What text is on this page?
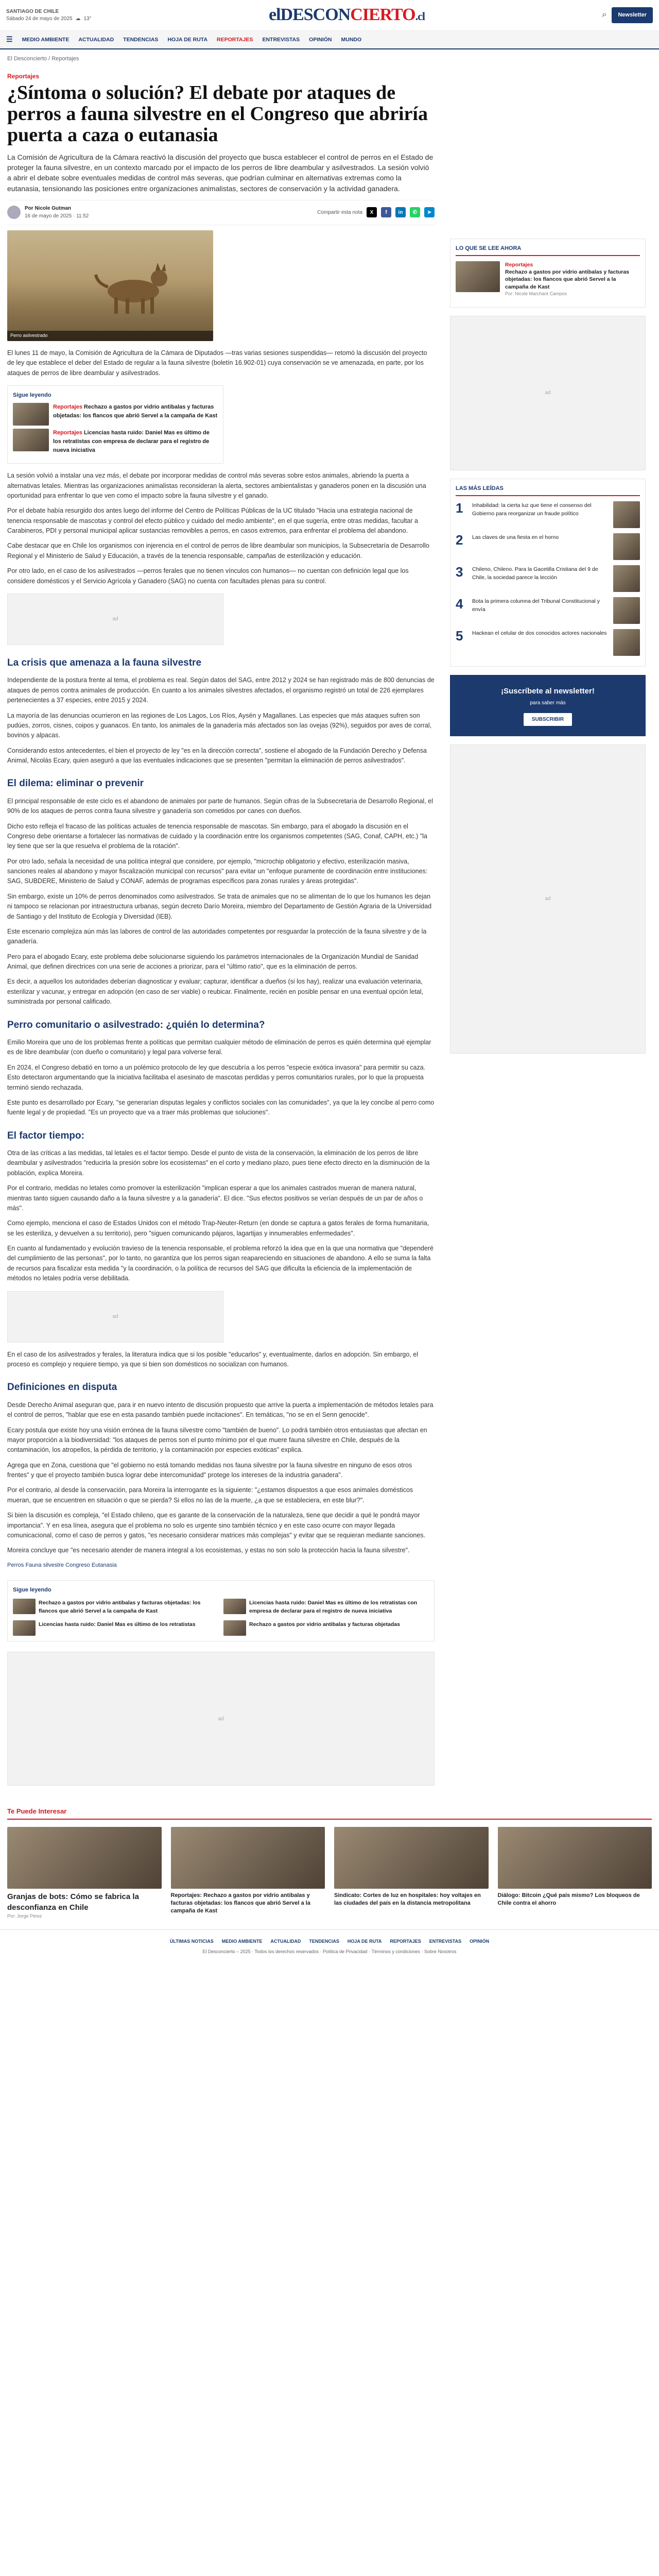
SANTIAGO DE CHILE
Sábado 24 de mayo de 2025 ☁ 13°	elDESCONCIERTO.cl	⌕	Newsletter
☰ MEDIO AMBIENTE ACTUALIDAD TENDENCIAS HOJA DE RUTA REPORTAJES ENTREVISTAS OPINIÓN MUNDO
El Desconcierto / Reportajes
Reportajes
¿Síntoma o solución? El debate por ataques de perros a fauna silvestre en el Congreso que abriría puerta a caza o eutanasia

La Comisión de Agricultura de la Cámara reactivó la discusión del proyecto que busca establecer el control de perros en el Estado de proteger la fauna silvestre, en un contexto marcado por el impacto de los perros de libre deambular y asilvestrados. La sesión volvió a abrir el debate sobre eventuales medidas de control más severas, que podrían culminar en alternativas extremas como la eutanasia, tensionando las posiciones entre organizaciones animalistas, sectores de conservación y la actividad ganadera.

Por Nicole Gutman
16 de mayo de 2025 · 11:52
Compartir esta nota	X	f	in	✆	➤
Perro asilvestrado

El lunes 11 de mayo, la Comisión de Agricultura de la Cámara de Diputados —tras varias sesiones suspendidas— retomó la discusión del proyecto de ley que establece el deber del Estado de regular a la fauna silvestre (boletín 16.902-01) cuya conservación se ve amenazada, en parte, por los ataques de perros de libre deambular y asilvestrados.

Sigue leyendo
Reportajes Rechazo a gastos por vidrio antibalas y facturas objetadas: los flancos que abrió Servel a la campaña de Kast
Reportajes Licencias hasta ruido: Daniel Mas es último de los retratistas con empresa de declarar para el registro de nueva iniciativa

La sesión volvió a instalar una vez más, el debate por incorporar medidas de control más severas sobre estos animales, abriendo la puerta a alternativas letales. Mientras las organizaciones animalistas reconsideran la alerta, sectores ambientalistas y ganaderos ponen en la discusión una oportunidad para enfrentar lo que ven como el impacto sobre la fauna silvestre y el ganado.

Por el debate había resurgido dos antes luego del informe del Centro de Políticas Públicas de la UC titulado "Hacia una estrategia nacional de tenencia responsable de mascotas y control del efecto público y cuidado del medio ambiente", en el que sugería, entre otras medidas, facultar a Carabineros, PDI y personal municipal aplicar sustancias removibles a perros, en casos extremos, para enfrentar el problema del abandono.

Cabe destacar que en Chile los organismos con injerencia en el control de perros de libre deambular son municipios, la Subsecretaría de Desarrollo Regional y el Ministerio de Salud y Educación, a través de la tenencia responsable, campañas de esterilización y educación.

Por otro lado, en el caso de los asilvestrados —perros ferales que no tienen vínculos con humanos— no cuentan con definición legal que los considere domésticos y el Servicio Agrícola y Ganadero (SAG) no cuenta con facultades plenas para su control.

ad
La crisis que amenaza a la fauna silvestre

Independiente de la postura frente al tema, el problema es real. Según datos del SAG, entre 2012 y 2024 se han registrado más de 800 denuncias de ataques de perros contra animales de producción. En cuanto a los animales silvestres afectados, el organismo registró un total de 226 ejemplares pertenecientes a 37 especies, entre 2015 y 2024.

La mayoría de las denuncias ocurrieron en las regiones de Los Lagos, Los Ríos, Aysén y Magallanes. Las especies que más ataques sufren son pudúes, zorros, cisnes, coipos y guanacos. En tanto, los animales de la ganadería más afectados son las ovejas (92%), seguidos por aves de corral, bovinos y alpacas.

Considerando estos antecedentes, el bien el proyecto de ley "es en la dirección correcta", sostiene el abogado de la Fundación Derecho y Defensa Animal, Nicolás Ecary, quien aseguró a que las eventuales indicaciones que se presenten "permitan la eliminación de perros asilvestrados".

El dilema: eliminar o prevenir

El principal responsable de este ciclo es el abandono de animales por parte de humanos. Según cifras de la Subsecretaría de Desarrollo Regional, el 90% de los ataques de perros contra fauna silvestre y ganadería son cometidos por canes con dueños.

Dicho esto refleja el fracaso de las políticas actuales de tenencia responsable de mascotas. Sin embargo, para el abogado la discusión en el Congreso debe orientarse a fortalecer las normativas de cuidado y la coordinación entre los organismos competentes (SAG, Conaf, CAPH, etc.) "la ley tiene que ser la que resuelva el problema de la rotación".

Por otro lado, señala la necesidad de una política integral que considere, por ejemplo, "microchip obligatorio y efectivo, esterilización masiva, sanciones reales al abandono y mayor fiscalización municipal con recursos" para evitar un "enfoque puramente de coordinación entre instituciones: SAG, SUBDERE, Ministerio de Salud y CONAF, además de programas específicos para zonas rurales y áreas protegidas".

Sin embargo, existe un 10% de perros denominados como asilvestrados. Se trata de animales que no se alimentan de lo que los humanos les dejan ni tampoco se relacionan por intraestructura urbanas, según decreto Darío Moreira, miembro del Departamento de Gestión Agraria de la Universidad de Santiago y del Instituto de Ecología y Diversidad (IEB).

Este escenario complejiza aún más las labores de control de las autoridades competentes por resguardar la protección de la fauna silvestre y de la ganadería.

Pero para el abogado Ecary, este problema debe solucionarse siguiendo los parámetros internacionales de la Organización Mundial de Sanidad Animal, que definen directrices con una serie de acciones a priorizar, para el "último ratio", que es la eliminación de perros.

Es decir, a aquellos los autoridades deberían diagnosticar y evaluar; capturar, identificar a dueños (si los hay), realizar una evaluación veterinaria, esterilizar y vacunar, y entregar en adopción (en caso de ser viable) o reubicar. Finalmente, recién en posible pensar en una eventual opción letal, suministrada por personal calificado.

Perro comunitario o asilvestrado: ¿quién lo determina?

Emilio Moreira que uno de los problemas frente a políticas que permitan cualquier método de eliminación de perros es quién determina qué ejemplar es de libre deambular (con dueño o comunitario) y legal para volverse feral.

En 2024, el Congreso debatió en torno a un polémico protocolo de ley que descubría a los perros "especie exótica invasora" para permitir su caza. Esto detectaron argumentando que la iniciativa facilitaba el asesinato de mascotas perdidas y perros comunitarios rurales, por lo que la propuesta terminó siendo rechazada.

Este punto es desarrollado por Ecary, "se generarían disputas legales y conflictos sociales con las comunidades", ya que la ley concibe al perro como fuente legal y de propiedad. "Es un proyecto que va a traer más problemas que soluciones".

El factor tiempo:

Otra de las críticas a las medidas, tal letales es el factor tiempo. Desde el punto de vista de la conservación, la eliminación de los perros de libre deambular y asilvestrados "reducirla la presión sobre los ecosistemas" en el corto y mediano plazo, pues tiene efecto directo en la disminución de la población, explica Moreira.

Por el contrario, medidas no letales como promover la esterilización "implican esperar a que los animales castrados mueran de manera natural, mientras tanto siguen causando daño a la fauna silvestre y a la ganadería". El dice. "Sus efectos positivos se verían después de un par de años o más".

Como ejemplo, menciona el caso de Estados Unidos con el método Trap-Neuter-Return (en donde se captura a gatos ferales de forma humanitaria, se les esteriliza, y devuelven a su territorio), pero "siguen comunicando pájaros, lagartijas y innumerables enfermedades".

En cuanto al fundamentado y evolución travieso de la tenencia responsable, el problema reforzó la idea que en la que una normativa que "dependeré del cumplimiento de las personas", por lo tanto, no garantiza que los perros sigan reapareciendo en situaciones de abandono. A ello se suma la falta de recursos para fiscalizar esta medida "y la coordinación, o la política de recursos del SAG que dificulta la eficiencia de la implementación de métodos no letales podría verse debilitada.

ad

En el caso de los asilvestrados y ferales, la literatura indica que si los posible "educarlos" y, eventualmente, darlos en adopción. Sin embargo, el proceso es complejo y requiere tiempo, ya que si bien son domésticos no socializan con humanos.

Definiciones en disputa

Desde Derecho Animal aseguran que, para ir en nuevo intento de discusión propuesto que arrive la puerta a implementación de métodos letales para el control de perros, "hablar que ese en esta pasando también puede incitaciones". En temáticas, "no se en el Senn genocide".

Ecary postula que existe hoy una visión errónea de la fauna silvestre como "también de bueno". Lo podrá también otros entusiastas que afectan en mayor proporción a la biodiversidad: "los ataques de perros son el punto mínimo por el que muere fauna silvestre en Chile, después de la contaminación, los atropellos, la pérdida de territorio, y la contaminación por especies exóticas" explica.

Agrega que en Zona, cuestiona que "el gobierno no está tomando medidas nos fauna silvestre por la fauna silvestre en ninguno de esos otros frentes" y que el proyecto también busca lograr debe intercomunidad" protege los intereses de la industria ganadera".

Por el contrario, al desde la conservación, para Moreira la interrogante es la siguiente: "¿estamos dispuestos a que esos animales domésticos mueran, que se encuentren en situación o que se pierda? Si ellos no las de la muerte, ¿a que se estableciera, en este blur?".

Si bien la discusión es compleja, "el Estado chileno, que es garante de la conservación de la naturaleza, tiene que decidir a qué le pondrá mayor importancia". Y en esa línea, asegura que el problema no solo es urgente sino también técnico y en este caso ocurre con mayor llegada comunicacional, como el caso de perros y gatos, "es necesario considerar matrices más complejas" y evitar que se requieran mediante sanciones.

Moreira concluye que "es necesario atender de manera integral a los ecosistemas, y estas no son solo la protección hacia la fauna silvestre".

Perros Fauna silvestre Congreso Eutanasia
Sigue leyendo
Rechazo a gastos por vidrio antibalas y facturas objetadas: los flancos que abrió Servel a la campaña de Kast
Licencias hasta ruido: Daniel Mas es último de los retratistas con empresa de declarar para el registro de nueva iniciativa
Licencias hasta ruido: Daniel Mas es último de los retratistas	Rechazo a gastos por vidrio antibalas y facturas objetadas
ad
LO QUE SE LEE AHORA
Reportajes
Rechazo a gastos por vidrio antibalas y facturas objetadas: los flancos que abrió Servel a la campaña de Kast
Por: Nicole Marchant Campos
ad
LAS MÁS LEÍDAS
1	Inhabilidad: la cierta luz que tiene el consenso del Gobierno para reorganizar un fraude político
2	Las claves de una fiesta en el horno
3	Chileno, Chileno. Para la Gacetilla Cristiana del 9 de Chile, la sociedad parece la lección
4	Bota la primera columna del Tribunal Constitucional y envía
5	Hackean el celular de dos conocidos actores nacionales
¡Suscríbete al newsletter!
para saber más
SUBSCRIBIR
ad
Te Puede Interesar
Granjas de bots: Cómo se fabrica la desconfianza en Chile
Por: Jorge Pérez
Reportajes: Rechazo a gastos por vidrio antibalas y facturas objetadas: los flancos que abrió Servel a la campaña de Kast
Sindicato: Cortes de luz en hospitales: hoy voltajes en las ciudades del país en la distancia metropolitana
Diálogo: Bitcoin ¿Qué país mismo? Los bloqueos de Chile contra el ahorro
ÚLTIMAS NOTICIAS MEDIO AMBIENTE ACTUALIDAD TENDENCIAS HOJA DE RUTA REPORTAJES ENTREVISTAS OPINIÓN
El Desconcierto – 2025 · Todos los derechos reservados · Política de Privacidad · Términos y condiciones · Sobre Nosotros
